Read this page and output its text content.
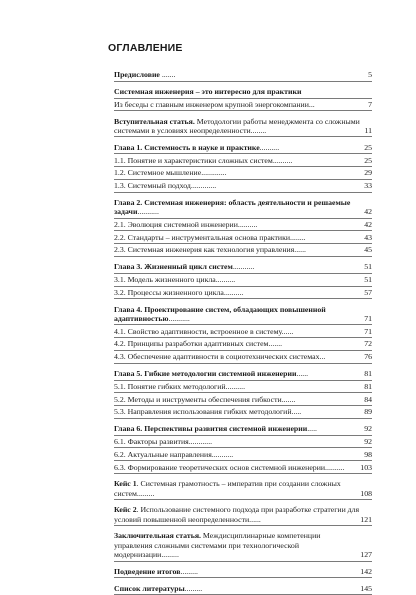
ОГЛАВЛЕНИЕ
Предисловие .......	5
Системная инженерия – это интересно для практики
Из беседы с главным инженером крупной энергокомпании...	7
Вступительная статья. Методологии работы менеджмента со сложными системами в условиях неопределенности........	11
Глава 1. Системность в науке и практике..........	25
1.1. Понятие и характеристики сложных систем..........	25
1.2. Системное мышление.............	29
1.3. Системный подход.............	33
Глава 2. Системная инженерия: область деятельности и решаемые задачи...........	42
2.1. Эволюция системной инженерии..........	42
2.2. Стандарты – инструментальная основа практики........	43
2.3. Системная инженерия как технология управления......	45
Глава 3. Жизненный цикл систем...........	51
3.1. Модель жизненного цикла..........	51
3.2. Процессы жизненного цикла..........	57
Глава 4. Проектирование систем, обладающих повышенной адаптивностью...........	71
4.1. Свойство адаптивности, встроенное в систему......	71
4.2. Принципы разработки адаптивных систем.......	72
4.3. Обеспечение адаптивности в социотехнических системах...	76
Глава 5. Гибкие методологии системной инженерии......	81
5.1. Понятие гибких методологий..........	81
5.2. Методы и инструменты обеспечения гибкости.......	84
5.3. Направления использования гибких методологий.....	89
Глава 6. Перспективы развития системной инженерии.....	92
6.1. Факторы развития............	92
6.2. Актуальные направления...........	98
6.3. Формирование теоретических основ системной инженерии..........	103
Кейс 1. Системная грамотность – императив при создании сложных систем.........	108
Кейс 2. Использование системного подхода при разработке стратегии для условий повышенной неопределенности......	121
Заключительная статья. Междисциплинарные компетенции управления сложными системами при технологической модернизации.........	127
Подведение итогов.........	142
Список литературы.........	145
